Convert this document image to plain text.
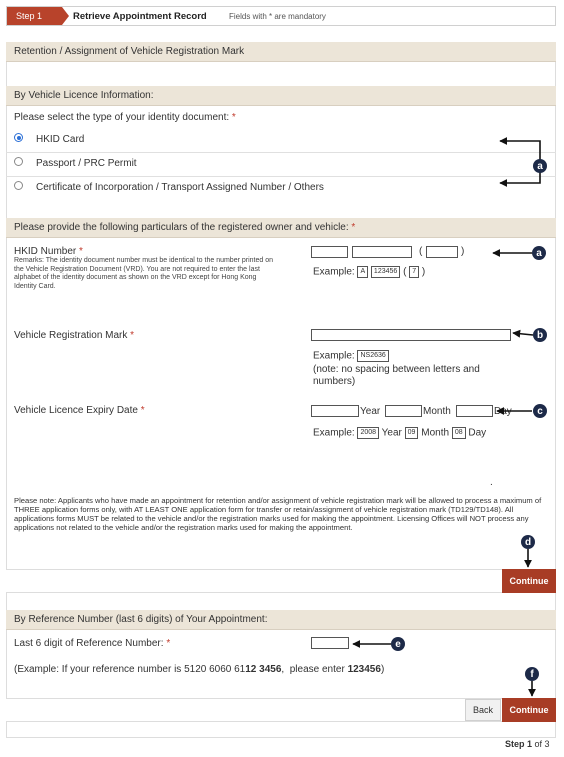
Step 1	Retrieve Appointment Record	Fields with * are mandatory
Retention / Assignment of Vehicle Registration Mark
By Vehicle Licence Information:
Please select the type of your identity document: *
HKID Card
Passport / PRC Permit
Certificate of Incorporation / Transport Assigned Number / Others
Please provide the following particulars of the registered owner and vehicle:
*
HKID Number *
Remarks: The identity document number must be identical to the number printed on the Vehicle Registration Document (VRD). You are not required to enter the last alphabet of the identity document as shown on the VRD except for Hong Kong Identity Card.
(	)
Example: A 123456 ( 7 )
Vehicle Registration Mark *
Example: NS2636
(note: no spacing between letters and numbers)
Vehicle Licence Expiry Date *	Year	Month	Day
Example: 2008 Year 09 Month 08 Day
.
Please note: Applicants who have made an appointment for retention and/or assignment of vehicle registration mark will be allowed to process a maximum of THREE application forms only, with AT LEAST ONE application form for transfer or retain/assignment of vehicle registration mark (TD129/TD148). All applications forms MUST be related to the vehicle and/or the registration marks used for making the appointment. Licensing Offices will NOT process any applications not related to the vehicle and/or the registration marks used for making the appointment.
Continue
By Reference Number (last 6 digits) of Your Appointment:
Last 6 digit of Reference Number: *
(Example: If your reference number is 5120 6060 6112 3456,  please enter 123456)
Back	Continue
Step 1 of 3
a
a
b
c
d
e
f
